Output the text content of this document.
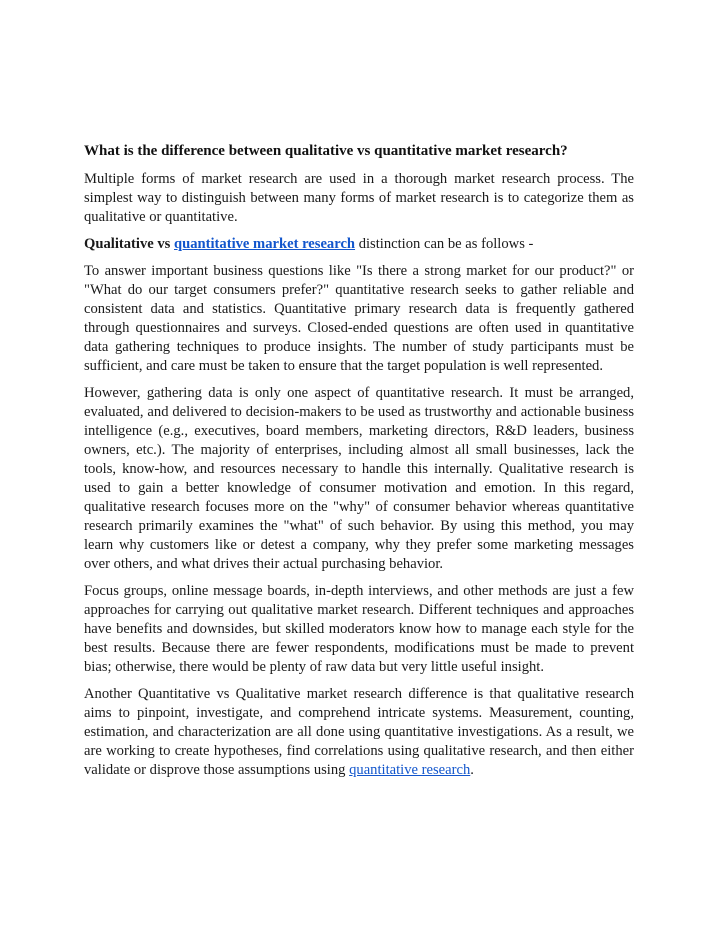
What is the difference between qualitative vs quantitative market research?

Multiple forms of market research are used in a thorough market research process. The simplest way to distinguish between many forms of market research is to categorize them as qualitative or quantitative.

Qualitative vs quantitative market research distinction can be as follows -

To answer important business questions like "Is there a strong market for our product?" or "What do our target consumers prefer?" quantitative research seeks to gather reliable and consistent data and statistics. Quantitative primary research data is frequently gathered through questionnaires and surveys. Closed-ended questions are often used in quantitative data gathering techniques to produce insights. The number of study participants must be sufficient, and care must be taken to ensure that the target population is well represented.

However, gathering data is only one aspect of quantitative research. It must be arranged, evaluated, and delivered to decision-makers to be used as trustworthy and actionable business intelligence (e.g., executives, board members, marketing directors, R&D leaders, business owners, etc.). The majority of enterprises, including almost all small businesses, lack the tools, know-how, and resources necessary to handle this internally. Qualitative research is used to gain a better knowledge of consumer motivation and emotion. In this regard, qualitative research focuses more on the "why" of consumer behavior whereas quantitative research primarily examines the "what" of such behavior. By using this method, you may learn why customers like or detest a company, why they prefer some marketing messages over others, and what drives their actual purchasing behavior.

Focus groups, online message boards, in-depth interviews, and other methods are just a few approaches for carrying out qualitative market research. Different techniques and approaches have benefits and downsides, but skilled moderators know how to manage each style for the best results. Because there are fewer respondents, modifications must be made to prevent bias; otherwise, there would be plenty of raw data but very little useful insight.

Another Quantitative vs Qualitative market research difference is that qualitative research aims to pinpoint, investigate, and comprehend intricate systems. Measurement, counting, estimation, and characterization are all done using quantitative investigations. As a result, we are working to create hypotheses, find correlations using qualitative research, and then either validate or disprove those assumptions using quantitative research.
